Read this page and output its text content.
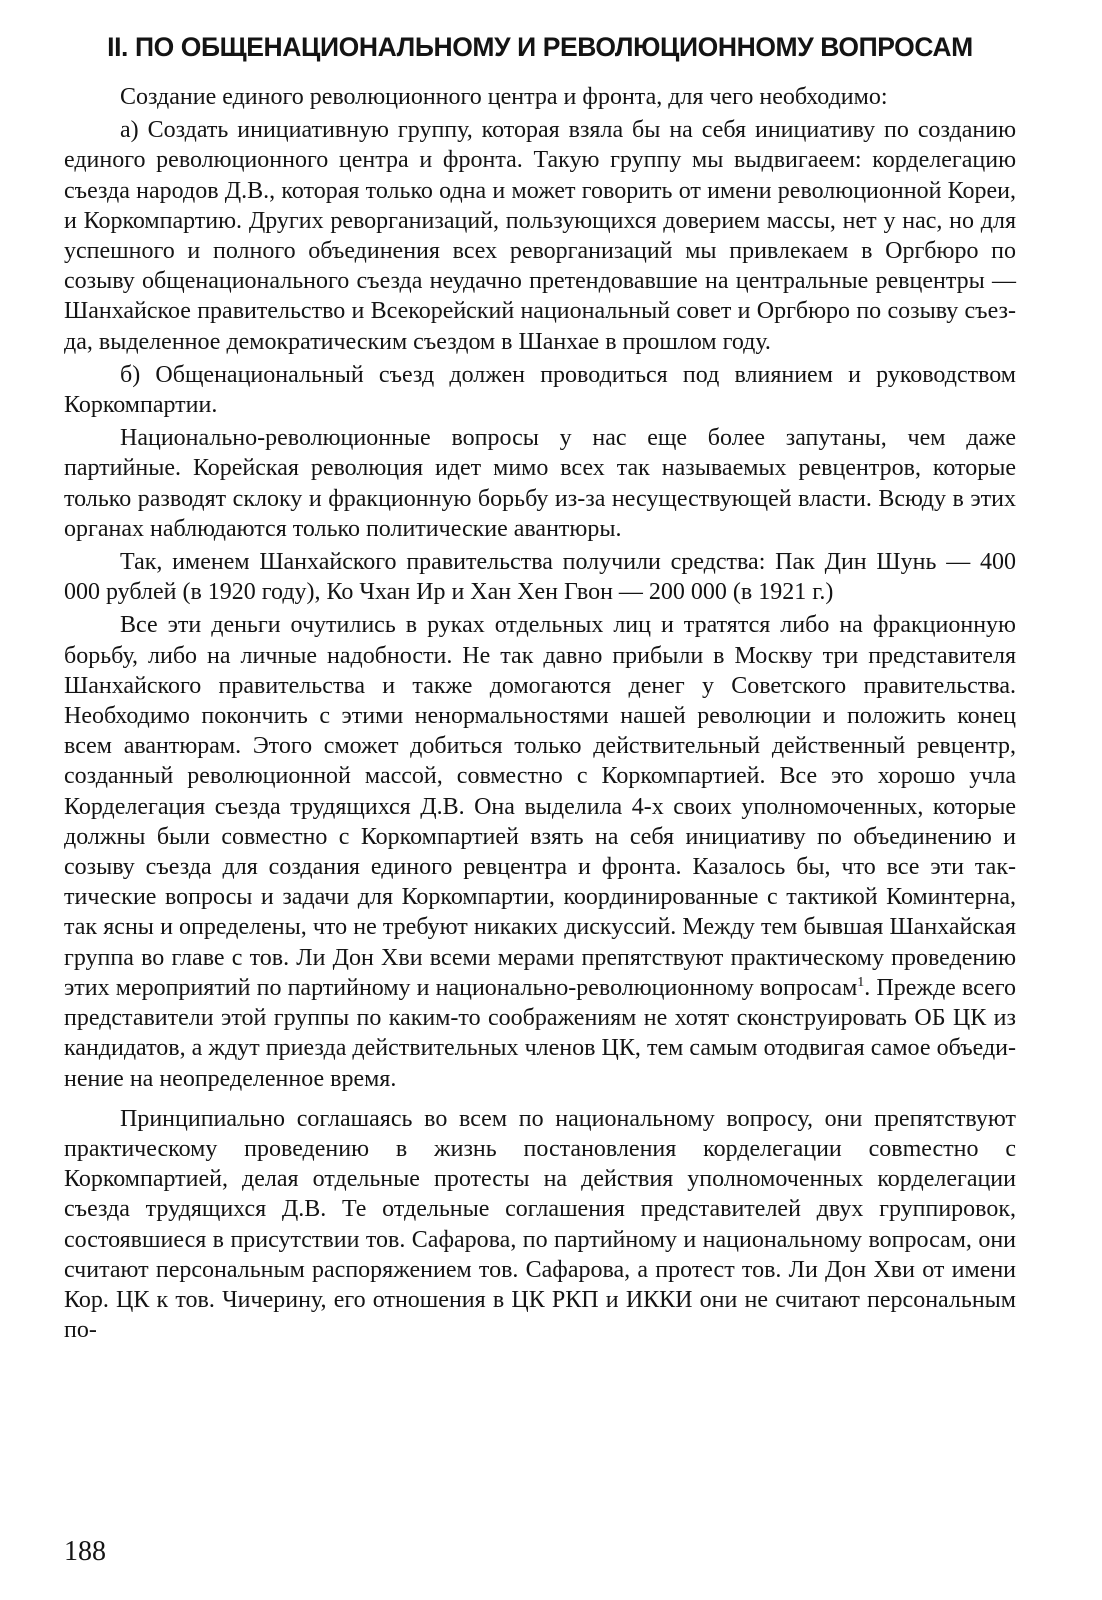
II. ПО ОБЩЕНАЦИОНАЛЬНОМУ И РЕВОЛЮЦИОННОМУ ВОПРОСАМ

Создание единого революционного центра и фронта, для чего необходимо:

а) Создать инициативную группу, которая взяла бы на себя инициативу по созданию единого революционного центра и фронта. Такую группу мы выдвигаeем: корделегацию съезда народов Д.В., которая только одна и может говорить от имени революционной Кореи, и Коркомпартию. Других реворганизаций, пользующихся доверием массы, нет у нас, но для успешного и полного объединения всех реворганизаций мы привлекаем в Оргбюро по созыву общенационального съезда неудачно претендовавшие на центральные ревцентры — Шанхайское правительство и Всекорейский национальный совет и Оргбюро по созыву съезда, выделенное демократическим съездом в Шанхае в прошлом году.

б) Общенациональный съезд должен проводиться под влиянием и руководством Коркомпартии.

Национально-революционные вопросы у нас еще более запутаны, чем даже партийные. Корейская революция идет мимо всех так называемых ревцентров, которые только разводят склоку и фракционную борьбу из-за несуществующей власти. Всюду в этих органах наблюдаются только политические авантюры.

Так, именем Шанхайского правительства получили средства: Пак Дин Шунь — 400 000 рублей (в 1920 году), Ко Чхан Ир и Хан Хен Гвон — 200 000 (в 1921 г.)

Все эти деньги очутились в руках отдельных лиц и тратятся либо на фракционную борьбу, либо на личные надобности. Не так давно прибыли в Москву три представителя Шанхайского правительства и также домогаются денег у Советского правительства. Необходимо покончить с этими ненормальностями нашей революции и положить конец всем авантюрам. Этого сможет добиться только действительный действенный ревцентр, созданный революционной массой, совместно с Коркомпартией. Все это хорошо учла Корделегация съезда трудящихся Д.В. Она выделила 4-х своих уполномоченных, которые должны были совместно с Коркомпартией взять на себя инициативу по объединению и созыву съезда для создания единого ревцентра и фронта. Казалось бы, что все эти тактические вопросы и задачи для Коркомпартии, координированные с тактикой Коминтерна, так ясны и определены, что не требуют никаких дискуссий. Между тем бывшая Шанхайская группа во главе с тов. Ли Дон Хви всеми мерами препятствуют практическому проведению этих мероприятий по партийному и национально-революционному вопросам$^1$. Прежде всего представители этой группы по каким-то соображениям не хотят сконструировать ОБ ЦК из кандидатов, а ждут приезда действительных членов ЦК, тем самым отодвигая самое объединение на неопределенное время.

Принципиально соглашаясь во всем по национальному вопросу, они препятствуют практическому проведению в жизнь постановления корделегации совmестно с Коркомпартией, делая отдельные протесты на действия уполномоченных корделегации съезда трудящихся Д.В. Те отдельные соглашения представителей двух группировок, состоявшиеся в присутствии тов. Сафарова, по партийному и национальному вопросам, они считают персональным распоряжением тов. Сафарова, а протест тов. Ли Дон Хви от имени Кор. ЦК к тов. Чичерину, его отношения в ЦК РКП и ИККИ они не считают персональным по-

188
